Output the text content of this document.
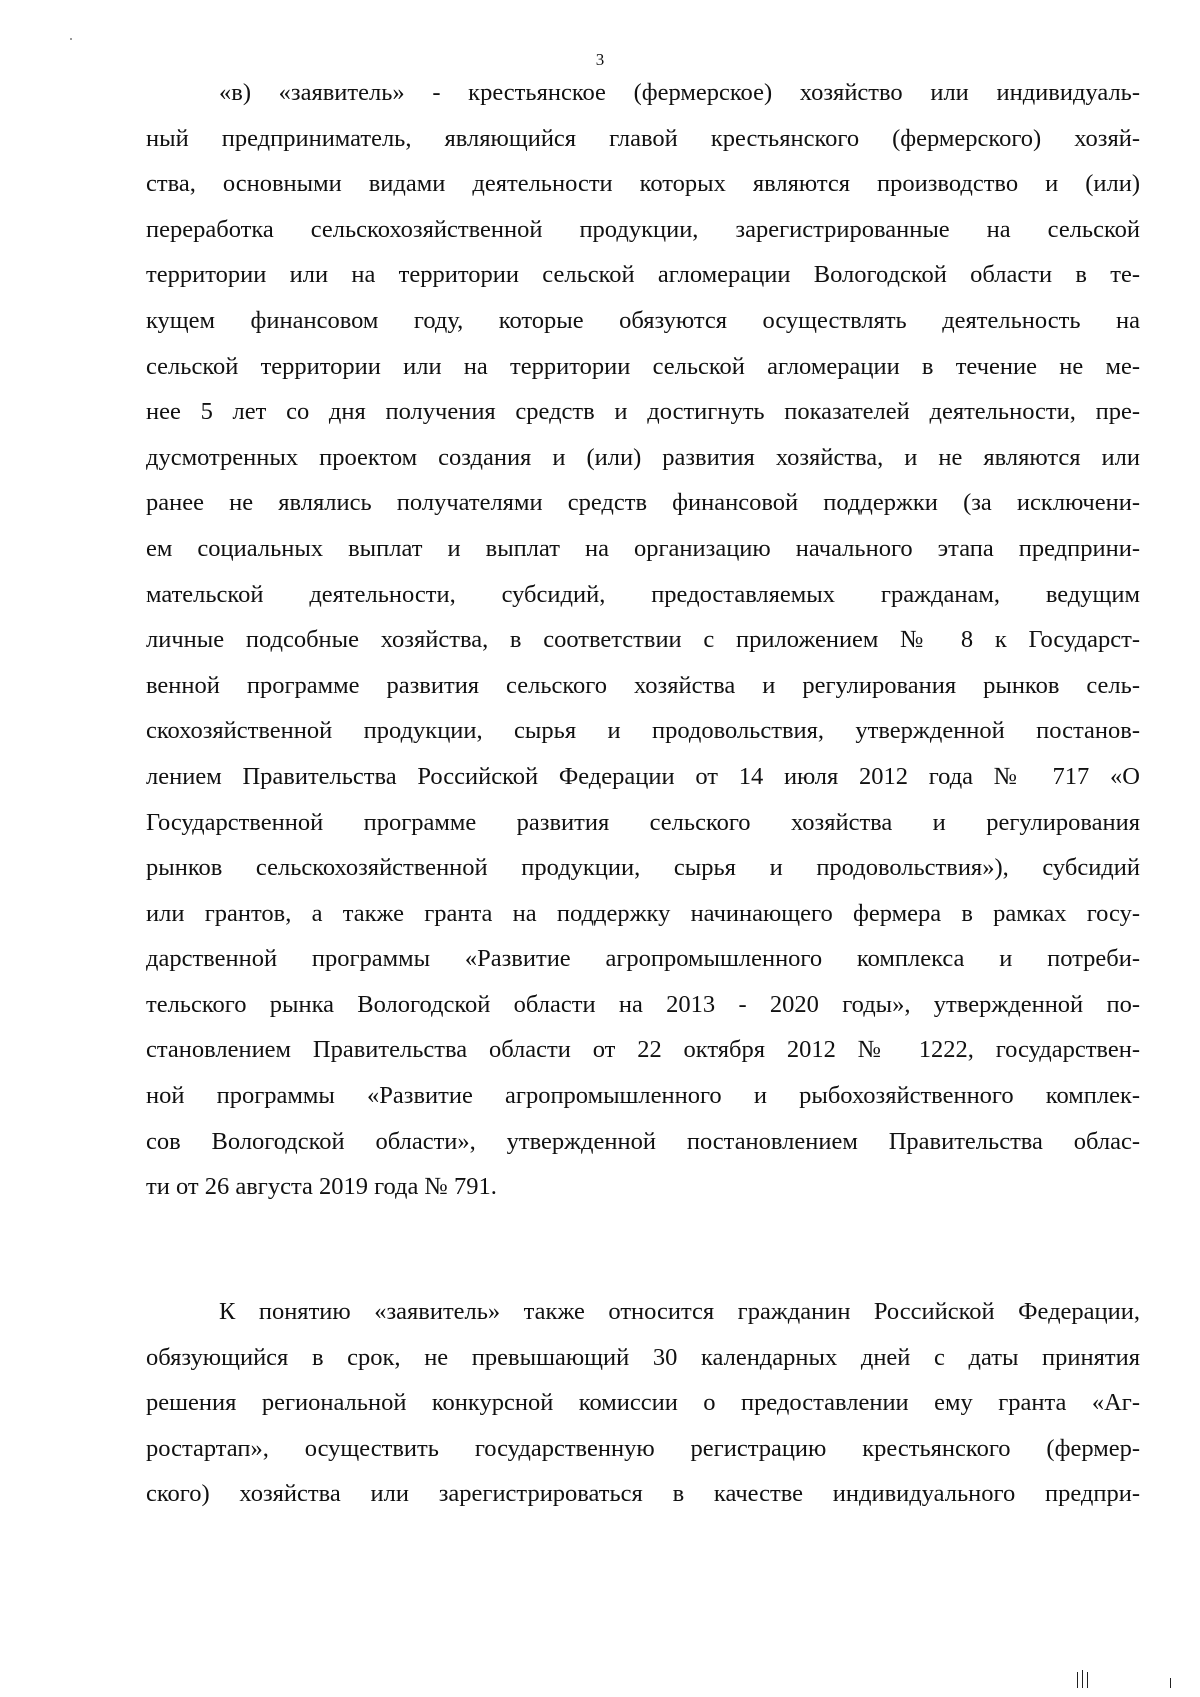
3
«в) «заявитель» - крестьянское (фермерское) хозяйство или индивидуаль-
ный предприниматель, являющийся главой крестьянского (фермерского) хозяй-
ства, основными видами деятельности которых являются производство и (или)
переработка сельскохозяйственной продукции, зарегистрированные на сельской
территории или на территории сельской агломерации Вологодской области в те-
кущем финансовом году, которые обязуются осуществлять деятельность на
сельской территории или на территории сельской агломерации в течение не ме-
нее 5 лет со дня получения средств и достигнуть показателей деятельности, пре-
дусмотренных проектом создания и (или) развития хозяйства, и не являются или
ранее не являлись получателями средств финансовой поддержки (за исключени-
ем социальных выплат и выплат на организацию начального этапа предприни-
мательской деятельности, субсидий, предоставляемых гражданам, ведущим
личные подсобные хозяйства, в соответствии с приложением № 8 к Государст-
венной программе развития сельского хозяйства и регулирования рынков сель-
скохозяйственной продукции, сырья и продовольствия, утвержденной постанов-
лением Правительства Российской Федерации от 14 июля 2012 года № 717 «О
Государственной программе развития сельского хозяйства и регулирования
рынков сельскохозяйственной продукции, сырья и продовольствия»), субсидий
или грантов, а также гранта на поддержку начинающего фермера в рамках госу-
дарственной программы «Развитие агропромышленного комплекса и потреби-
тельского рынка Вологодской области на 2013 - 2020 годы», утвержденной по-
становлением Правительства области от 22 октября 2012 № 1222, государствен-
ной программы «Развитие агропромышленного и рыбохозяйственного комплек-
сов Вологодской области», утвержденной постановлением Правительства облас-
ти от 26 августа 2019 года № 791.
К понятию «заявитель» также относится гражданин Российской Федерации,
обязующийся в срок, не превышающий 30 календарных дней с даты принятия
решения региональной конкурсной комиссии о предоставлении ему гранта «Аг-
ростартап», осуществить государственную регистрацию крестьянского (фермер-
ского) хозяйства или зарегистрироваться в качестве индивидуального предпри-
